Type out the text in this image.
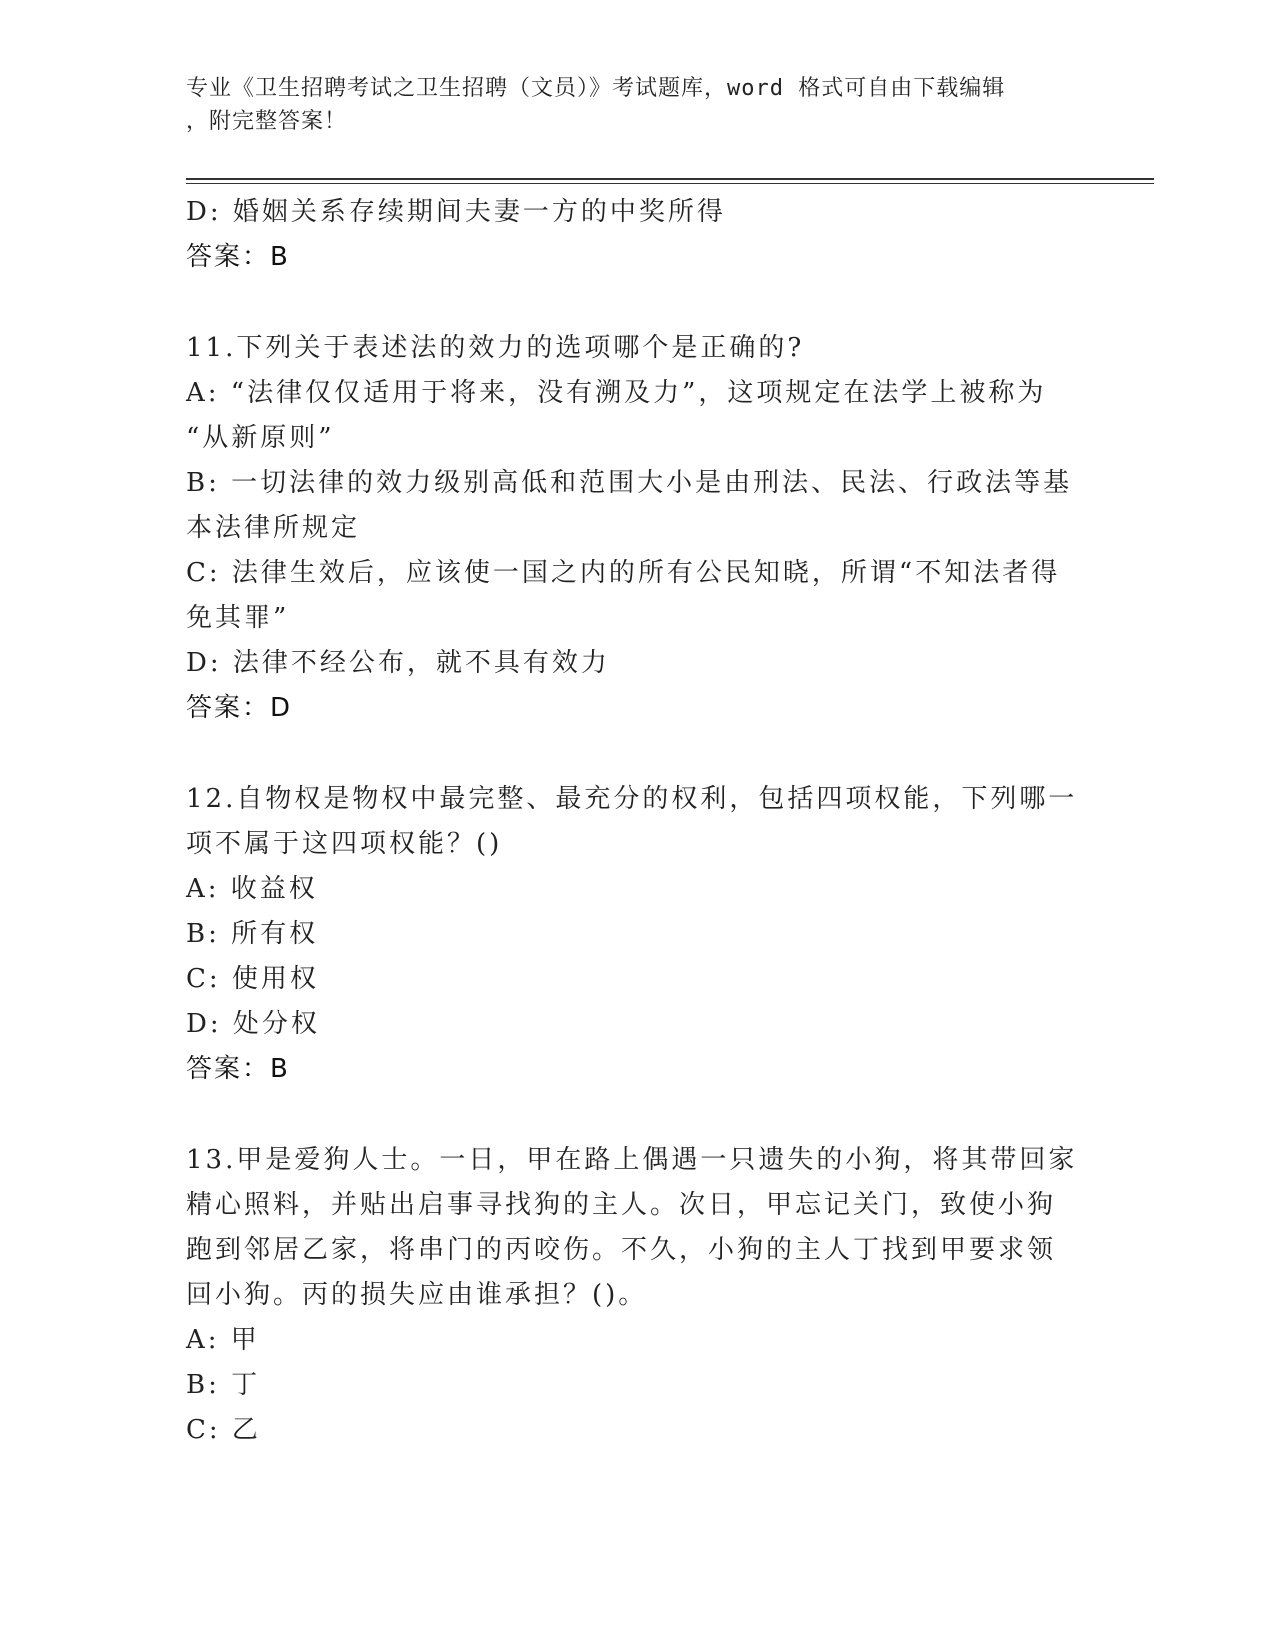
专业《卫生招聘考试之卫生招聘（文员）》考试题库，word 格式可自由下载编辑
，附完整答案！
D: 婚姻关系存续期间夫妻一方的中奖所得
答案：B
11.下列关于表述法的效力的选项哪个是正确的?
A: “法律仅仅适用于将来，没有溯及力”，这项规定在法学上被称为
“从新原则”
B: 一切法律的效力级别高低和范围大小是由刑法、民法、行政法等基
本法律所规定
C: 法律生效后，应该使一国之内的所有公民知晓，所谓“不知法者得
免其罪”
D: 法律不经公布，就不具有效力
答案：D
12.自物权是物权中最完整、最充分的权利，包括四项权能，下列哪一
项不属于这四项权能？()
A: 收益权
B: 所有权
C: 使用权
D: 处分权
答案：B
13.甲是爱狗人士。一日，甲在路上偶遇一只遗失的小狗，将其带回家
精心照料，并贴出启事寻找狗的主人。次日，甲忘记关门，致使小狗
跑到邻居乙家，将串门的丙咬伤。不久，小狗的主人丁找到甲要求领
回小狗。丙的损失应由谁承担？()。
A: 甲
B: 丁
C: 乙
